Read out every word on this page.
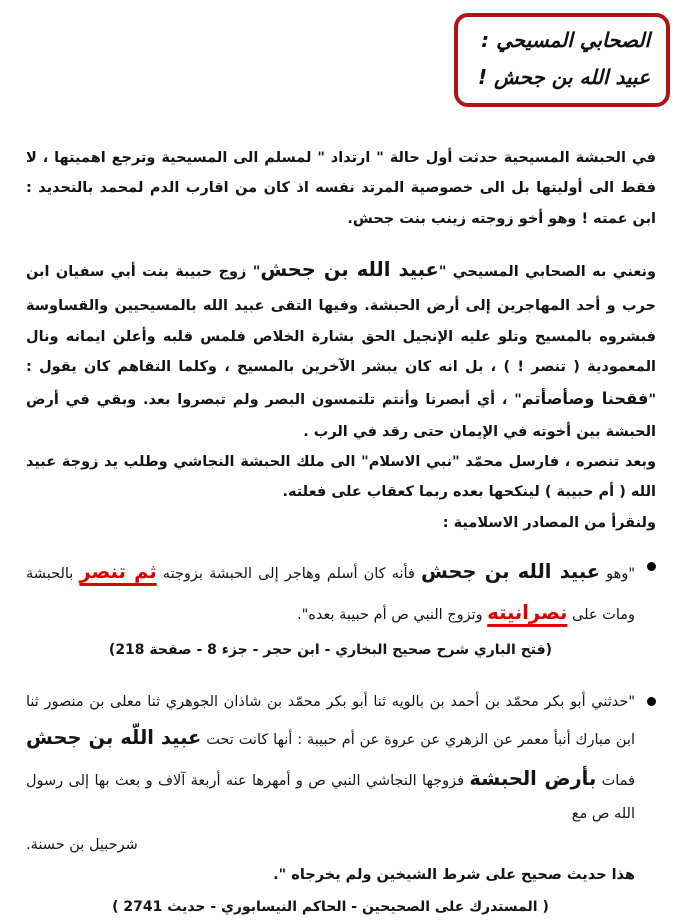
الصحابي المسيحي :
عبيد الله بن جحش !

في الحبشة المسيحية حدثت أول حالة " ارتداد " لمسلم الى المسيحية وترجع اهميتها ، لا فقط الى أوليتها بل الى خصوصية المرتد نفسه اذ كان من اقارب الدم لمحمد بالتحديد : ابن عمته ! وهو أخو زوجته زينب بنت جحش.

ونعني به الصحابي المسيحي "عبيد الله بن جحش" زوج حبيبة بنت أبي سفيان ابن حرب و أحد المهاجرين إلى أرض الحبشة. وفيها التقى عبيد الله بالمسيحيين والقساوسة فبشروه بالمسيح وتلو عليه الإنجيل الحق بشارة الخلاص فلمس قلبه وأعلن ايمانه ونال المعمودية ( تنصر ! ) ، بل انه كان يبشر الآخرين بالمسيح ، وكلما التقاهم كان يقول : "فقحنا وصأصأتم" ، أي أبصرنا وأنتم تلتمسون البصر ولم تبصروا بعد. وبقي في أرض الحبشة بين أخوته في الإيمان حتى رقد في الرب .

وبعد تنصره ، فارسل محمّد "نبي الاسلام" الى ملك الحبشة النجاشي وطلب يد زوجة عبيد الله ( أم حبيبة ) لينكحها بعده ربما كعقاب على فعلته.

ولنقرأ من المصادر الاسلامية :

"وهو عبيد الله بن جحش فأنه كان أسلم وهاجر إلى الحبشة بزوجته ثم تنصر بالحبشة ومات على نصرانيته وتزوج النبي ص أم حبيبة بعده".
(فتح الباري شرح صحيح البخاري - ابن حجر - جزء 8 - صفحة 218)
"حدثني أبو بكر محمّد بن أحمد بن بالويه ثنا أبو بكر محمّد بن شاذان الجوهري ثنا معلى بن منصور ثنا ابن مبارك أنبأ معمر عن الزهري عن عروة عن أم حبيبة : أنها كانت تحت عبيد اللّه بن جحش فمات بأرض الحبشة فزوجها النجاشي النبي ص و أمهرها عنه أربعة آلاف و بعث بها إلى رسول الله ص مع
شرحبيل بن حسنة.
هذا حديث صحيح على شرط الشيخين ولم يخرجاه ".
( المستدرك على الصحيحين - الحاكم النيسابوري - حديث 2741 )
